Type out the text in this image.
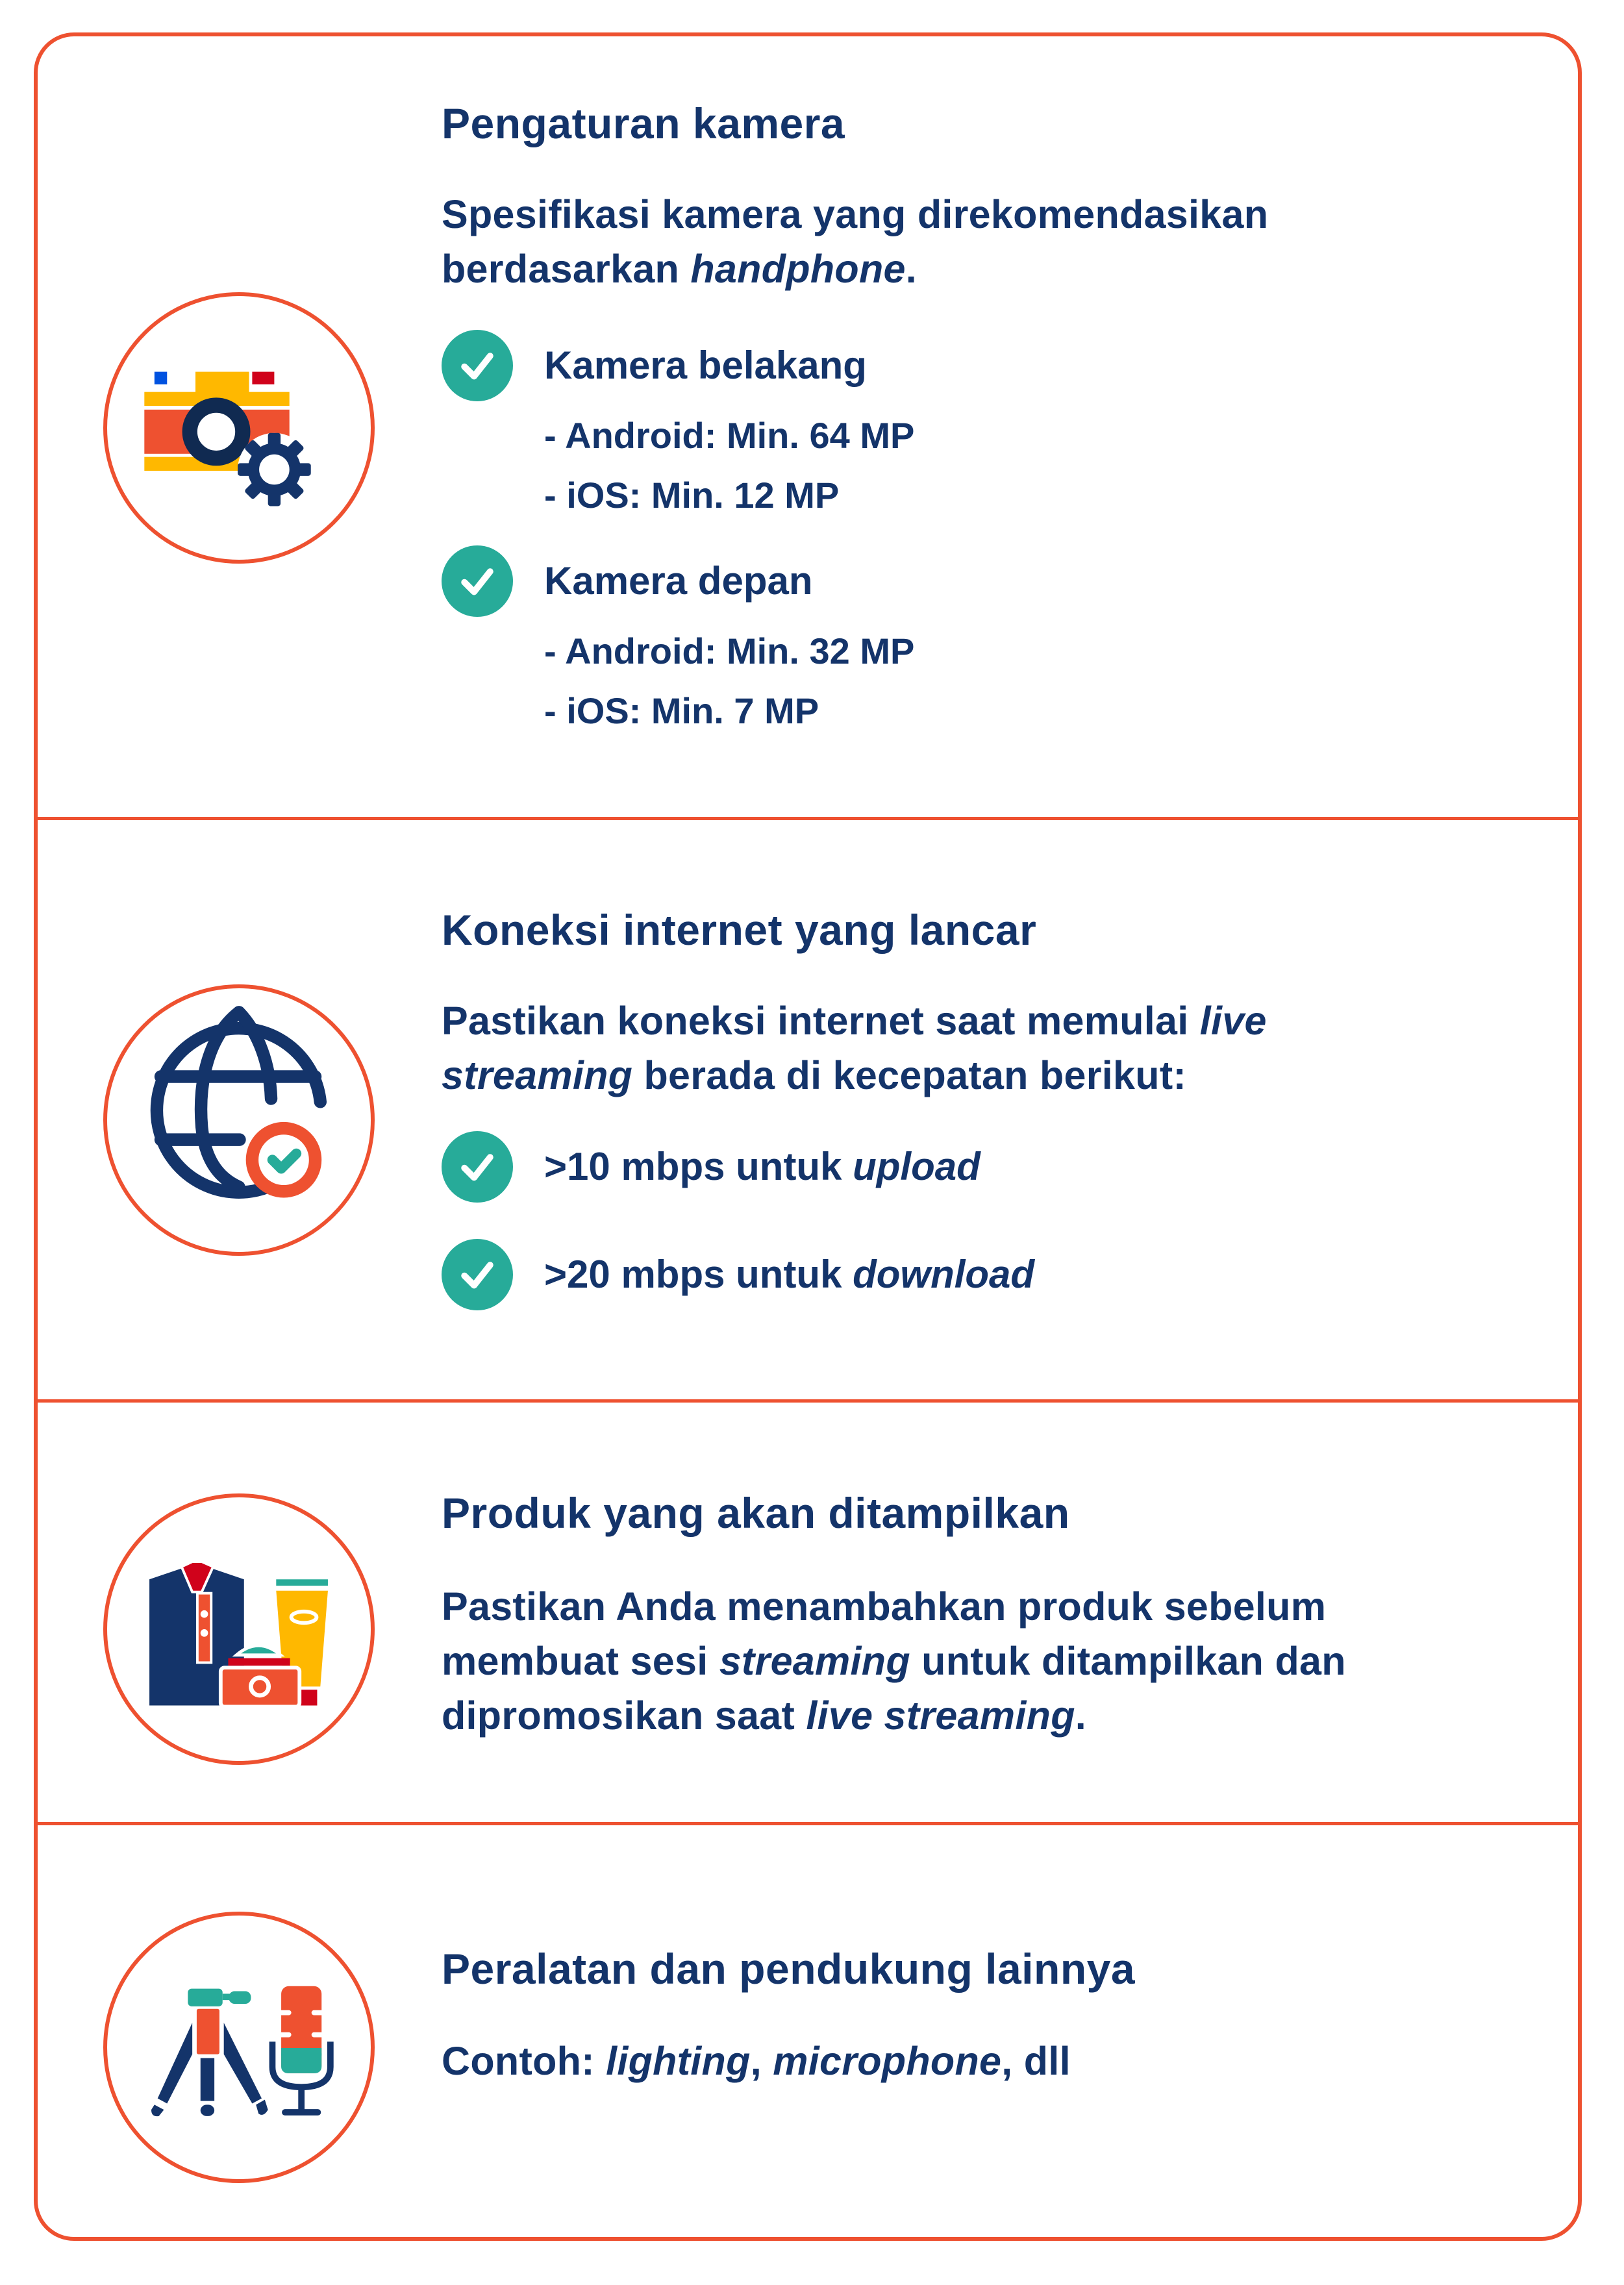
Pengaturan kamera

Spesifikasi kamera yang direkomendasikan berdasarkan handphone.

Kamera belakang
- Android: Min. 64 MP
- iOS: Min. 12 MP
Kamera depan
- Android: Min. 32 MP
- iOS: Min. 7 MP
Koneksi internet yang lancar

Pastikan koneksi internet saat memulai live streaming berada di kecepatan berikut:

>10 mbps untuk upload
>20 mbps untuk download
Produk yang akan ditampilkan

Pastikan Anda menambahkan produk sebelum membuat sesi streaming untuk ditampilkan dan dipromosikan saat live streaming.

Peralatan dan pendukung lainnya

Contoh: lighting, microphone, dll
